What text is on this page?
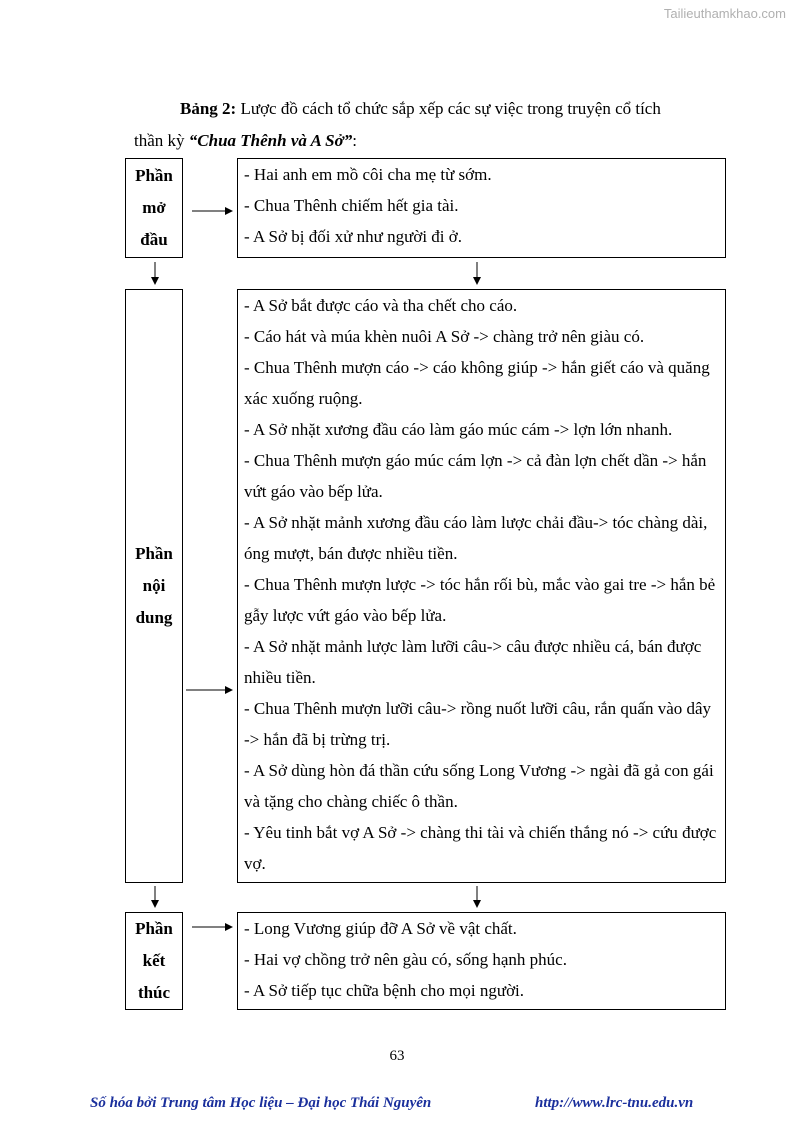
Tailieuthamkhao.com
Bảng 2: Lược đồ cách tổ chức sắp xếp các sự việc trong truyện cổ tích
thần kỳ “Chua Thênh và A Sở”:
Phần
mở
đầu
- Hai anh em mồ côi cha mẹ từ sớm.
- Chua Thênh chiếm hết gia tài.
- A Sở bị đối xử như người đi ở.
Phần
nội
dung
- A Sở bắt được cáo và tha chết cho cáo.
- Cáo hát và múa khèn nuôi A Sở -> chàng trở nên giàu có.
- Chua Thênh mượn cáo -> cáo không giúp -> hắn giết cáo và quăng xác xuống ruộng.
- A Sở nhặt xương đầu cáo làm gáo múc cám -> lợn lớn nhanh.
- Chua Thênh mượn gáo múc cám lợn -> cả đàn lợn chết dần -> hắn vứt gáo vào bếp lửa.
- A Sở nhặt mảnh xương đầu cáo làm lược chải đầu-> tóc chàng dài, óng mượt, bán được nhiều tiền.
- Chua Thênh mượn lược -> tóc hắn rối bù, mắc vào gai tre -> hắn bẻ gẫy lược vứt gáo vào bếp lửa.
- A Sở nhặt mảnh lược làm lưỡi câu-> câu được nhiều cá, bán được nhiều tiền.
- Chua Thênh mượn lưỡi câu-> rồng nuốt lưỡi câu, rắn quấn vào dây -> hắn đã bị trừng trị.
- A Sở dùng hòn đá thần cứu sống Long Vương -> ngài đã gả con gái và tặng cho chàng chiếc ô thần.
- Yêu tinh bắt vợ A Sở -> chàng thi tài và chiến thắng nó -> cứu được vợ.
Phần
kết
thúc
- Long Vương giúp đỡ A Sở về vật chất.
- Hai vợ chồng trở nên gàu có, sống hạnh phúc.
- A Sở tiếp tục chữa bệnh cho mọi người.
63
Số hóa bởi Trung tâm Học liệu – Đại học Thái Nguyên	http://www.lrc-tnu.edu.vn
